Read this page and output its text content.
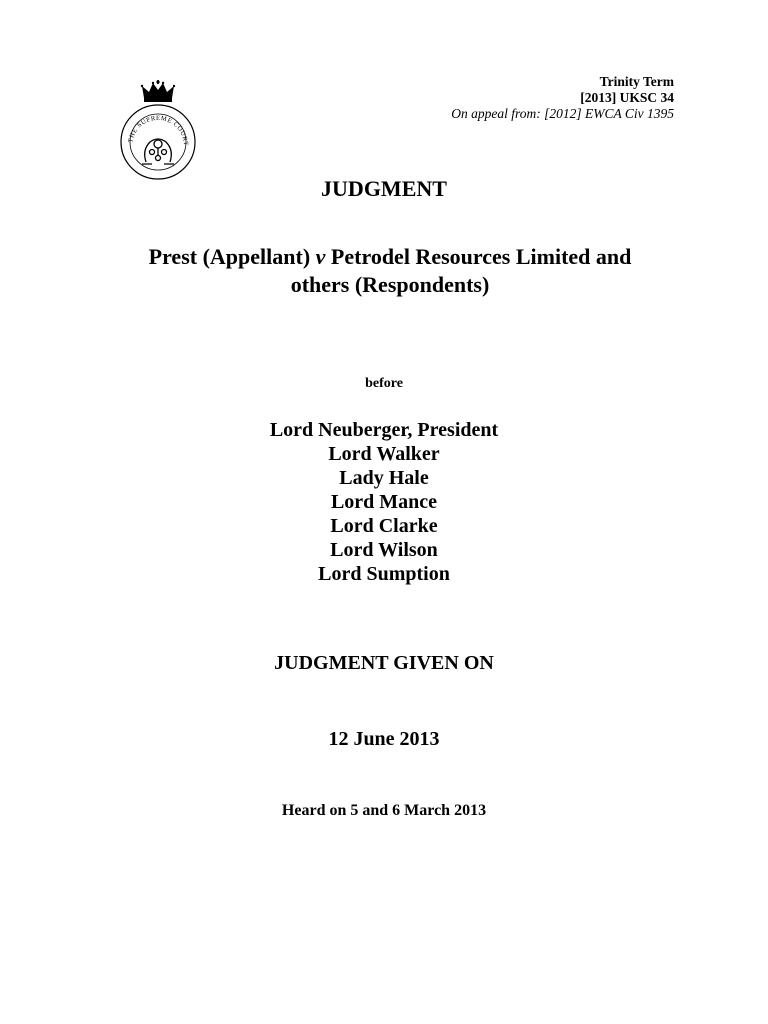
THE SUPREME COURT
Trinity Term
[2013] UKSC 34
On appeal from: [2012] EWCA Civ 1395
JUDGMENT
Prest (Appellant) v Petrodel Resources Limited and
others (Respondents)
before
Lord Neuberger, President
Lord Walker
Lady Hale
Lord Mance
Lord Clarke
Lord Wilson
Lord Sumption
JUDGMENT GIVEN ON
12 June 2013
Heard on 5 and 6 March 2013
